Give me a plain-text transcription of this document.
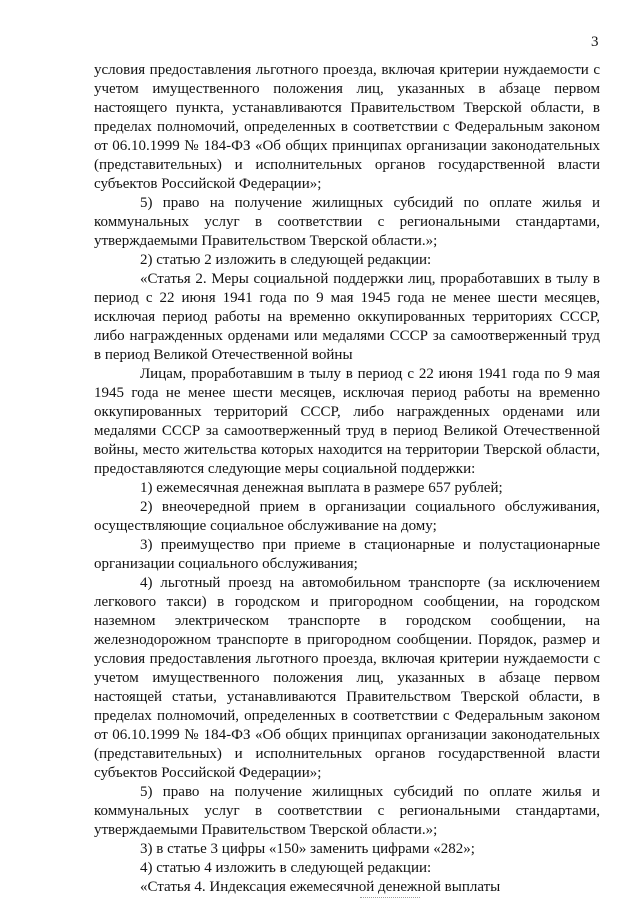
3

условия предоставления льготного проезда, включая критерии нуждаемости с учетом имущественного положения лиц, указанных в абзаце первом настоящего пункта, устанавливаются Правительством Тверской области, в пределах полномочий, определенных в соответствии с Федеральным законом от 06.10.1999 № 184-ФЗ «Об общих принципах организации законодательных (представительных) и исполнительных органов государственной власти субъектов Российской Федерации»;

5) право на получение жилищных субсидий по оплате жилья и коммунальных услуг в соответствии с региональными стандартами, утверждаемыми Правительством Тверской области.»;

2) статью 2 изложить в следующей редакции:

«Статья 2. Меры социальной поддержки лиц, проработавших в тылу в период с 22 июня 1941 года по 9 мая 1945 года не менее шести месяцев, исключая период работы на временно оккупированных территориях СССР, либо награжденных орденами или медалями СССР за самоотверженный труд в период Великой Отечественной войны

Лицам, проработавшим в тылу в период с 22 июня 1941 года по 9 мая 1945 года не менее шести месяцев, исключая период работы на временно оккупированных территорий СССР, либо награжденных орденами или медалями СССР за самоотверженный труд в период Великой Отечественной войны, место жительства которых находится на территории Тверской области, предоставляются следующие меры социальной поддержки:

1) ежемесячная денежная выплата в размере 657 рублей;

2) внеочередной прием в организации социального обслуживания, осуществляющие социальное обслуживание на дому;

3) преимущество при приеме в стационарные и полустационарные организации социального обслуживания;

4) льготный проезд на автомобильном транспорте (за исключением легкового такси) в городском и пригородном сообщении, на городском наземном электрическом транспорте в городском сообщении, на железнодорожном транспорте в пригородном сообщении. Порядок, размер и условия предоставления льготного проезда, включая критерии нуждаемости с учетом имущественного положения лиц, указанных в абзаце первом настоящей статьи, устанавливаются Правительством Тверской области, в пределах полномочий, определенных в соответствии с Федеральным законом от 06.10.1999 № 184-ФЗ «Об общих принципах организации законодательных (представительных) и исполнительных органов государственной власти субъектов Российской Федерации»;

5) право на получение жилищных субсидий по оплате жилья и коммунальных услуг в соответствии с региональными стандартами, утверждаемыми Правительством Тверской области.»;

3) в статье 3 цифры «150» заменить цифрами «282»;

4) статью 4 изложить в следующей редакции:

«Статья 4. Индексация ежемесячной денежной выплаты
